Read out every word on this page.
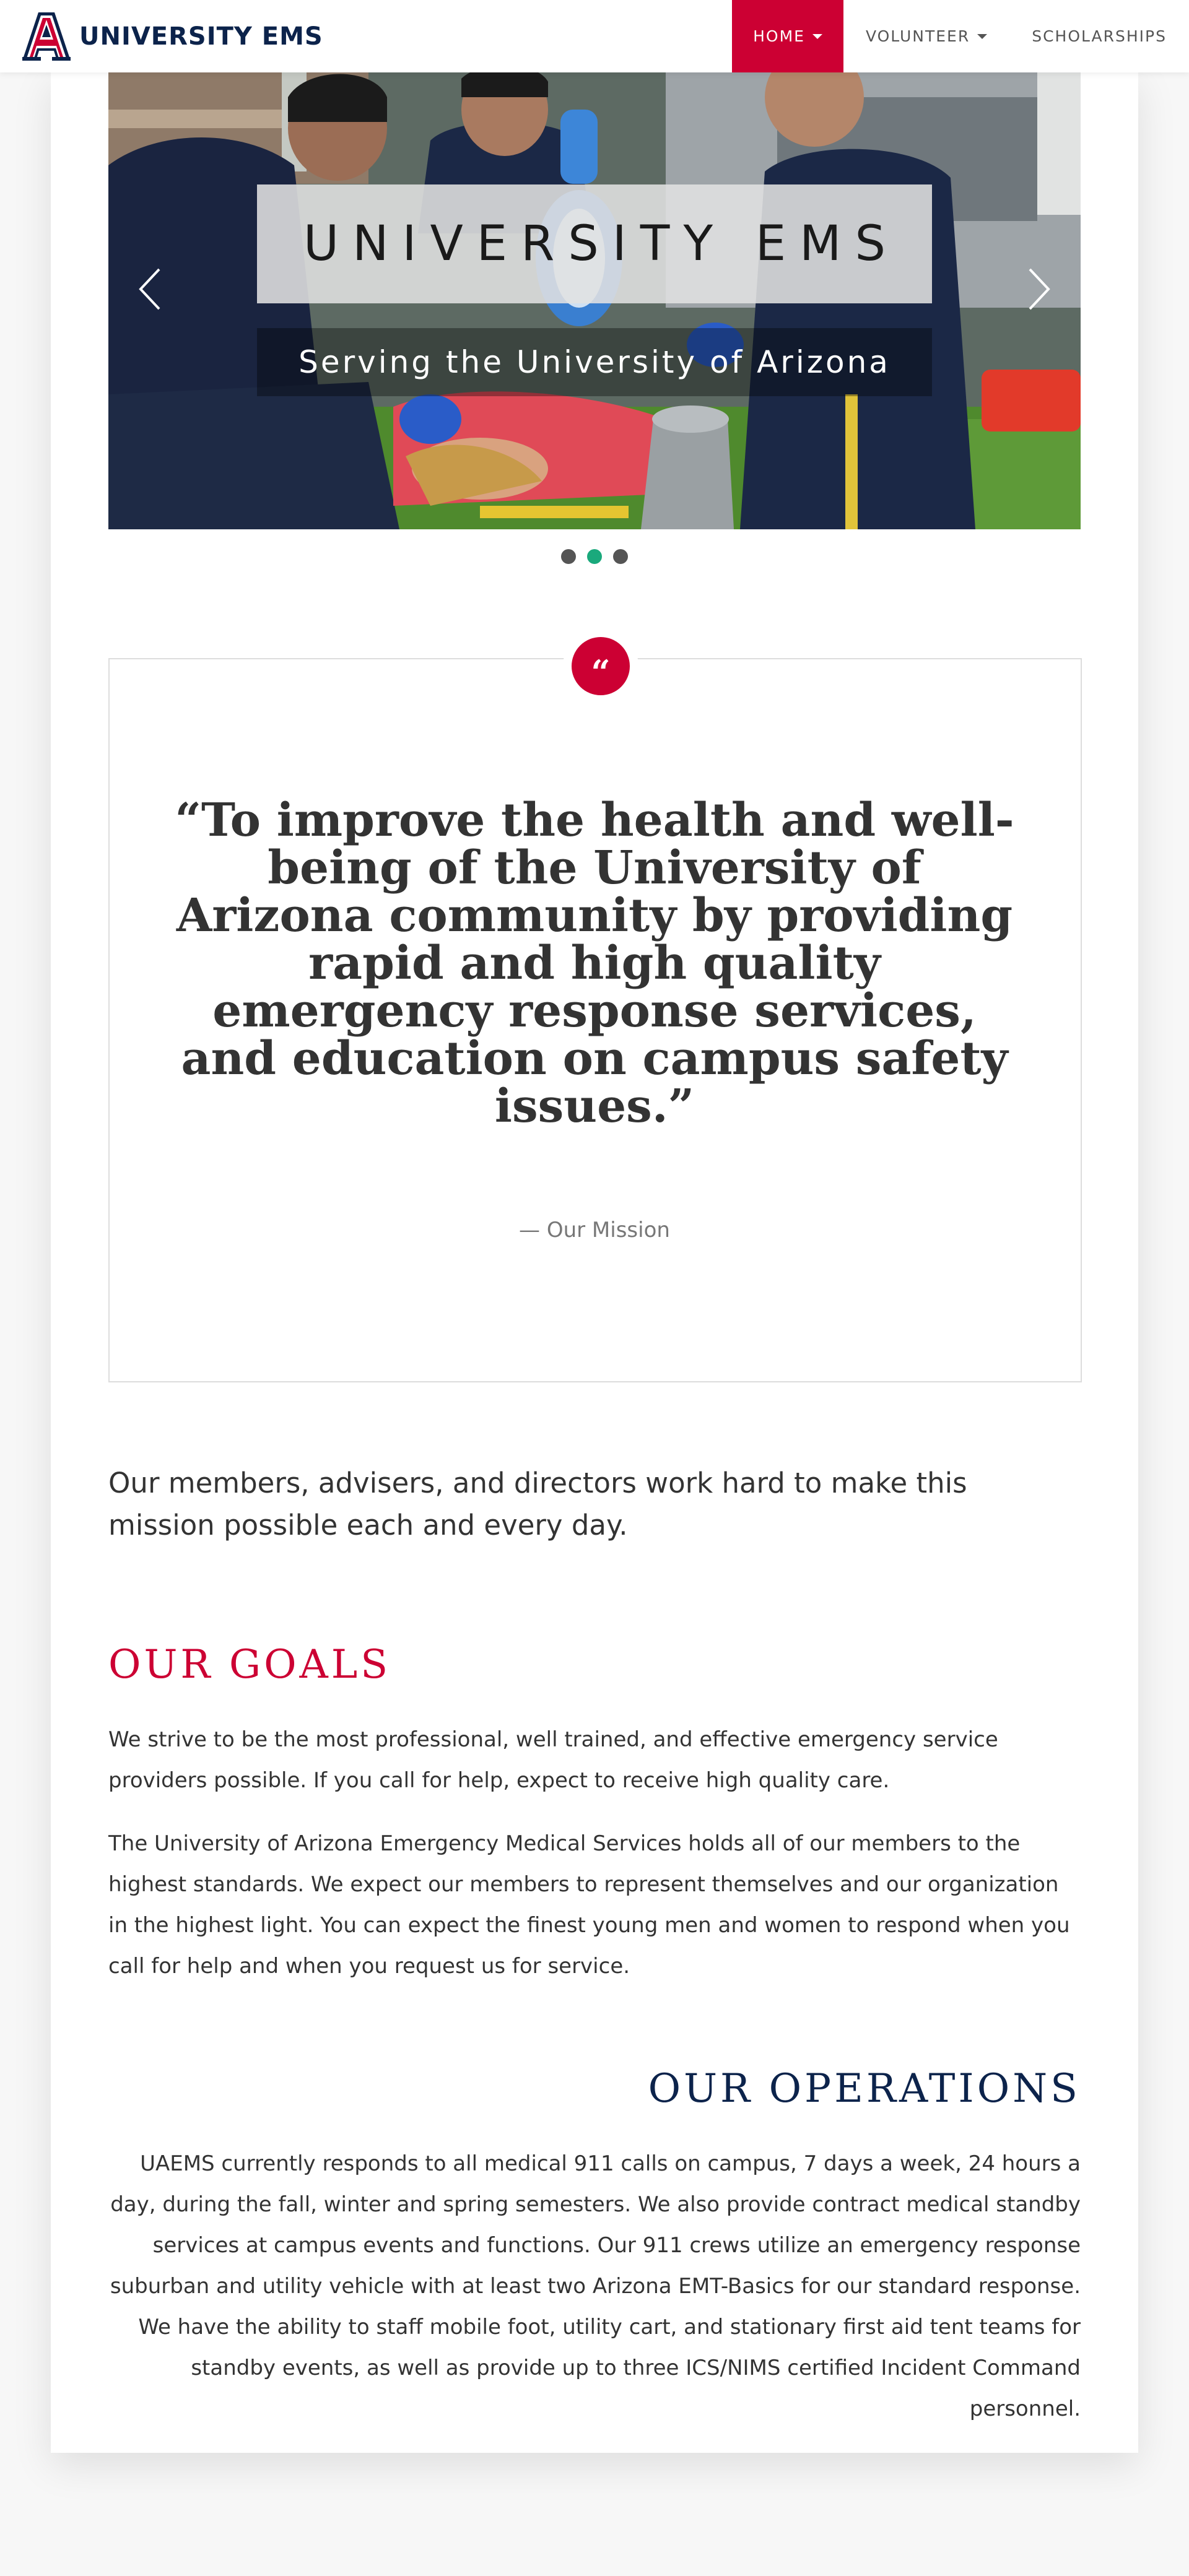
UNIVERSITY EMS	HOME	VOLUNTEER	SCHOLARSHIPS
UNIVERSITY EMS
Serving the University of Arizona
“
“To improve the health and well-being of the University of Arizona community by providing rapid and high quality emergency response services, and education on campus safety issues.”
— Our Mission

Our members, advisers, and directors work hard to make this mission possible each and every day.

OUR GOALS

We strive to be the most professional, well trained, and effective emergency service providers possible. If you call for help, expect to receive high quality care.

The University of Arizona Emergency Medical Services holds all of our members to the highest standards. We expect our members to represent themselves and our organization in the highest light. You can expect the finest young men and women to respond when you call for help and when you request us for service.

OUR OPERATIONS

UAEMS currently responds to all medical 911 calls on campus, 7 days a week, 24 hours a day, during the fall, winter and spring semesters. We also provide contract medical standby services at campus events and functions. Our 911 crews utilize an emergency response suburban and utility vehicle with at least two Arizona EMT-Basics for our standard response. We have the ability to staff mobile foot, utility cart, and stationary first aid tent teams for standby events, as well as provide up to three ICS/NIMS certified Incident Command personnel.
